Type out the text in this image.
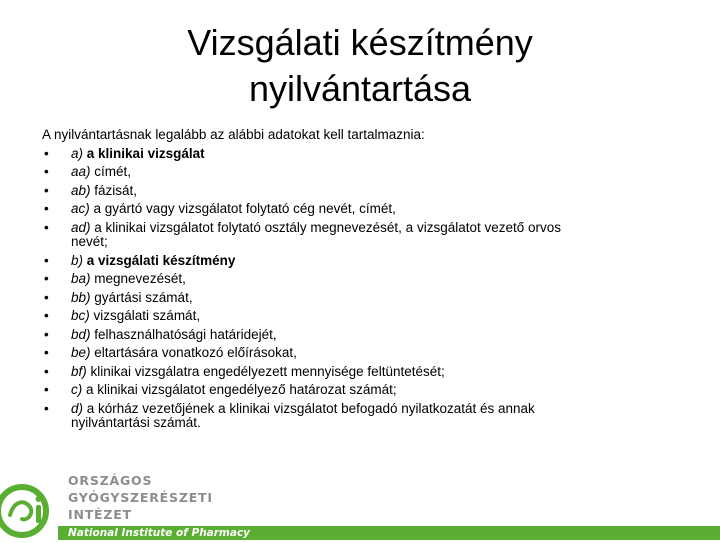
Vizsgálati készítmény
nyilvántartása
A nyilvántartásnak legalább az alábbi adatokat kell tartalmaznia:
• a) a klinikai vizsgálat
• aa) címét,
• ab) fázisát,
• ac) a gyártó vagy vizsgálatot folytató cég nevét, címét,
• ad) a klinikai vizsgálatot folytató osztály megnevezését, a vizsgálatot vezető orvos
nevét;
• b) a vizsgálati készítmény
• ba) megnevezését,
• bb) gyártási számát,
• bc) vizsgálati számát,
• bd) felhasználhatósági határidejét,
• be) eltartására vonatkozó előírásokat,
• bf) klinikai vizsgálatra engedélyezett mennyisége feltüntetését;
• c) a klinikai vizsgálatot engedélyező határozat számát;
• d) a kórház vezetőjének a klinikai vizsgálatot befogadó nyilatkozatát és annak
nyilvántartási számát.
ORSZÁGOS
GYÓGYSZERÉSZETI
INTÉZET
National Institute of Pharmacy
